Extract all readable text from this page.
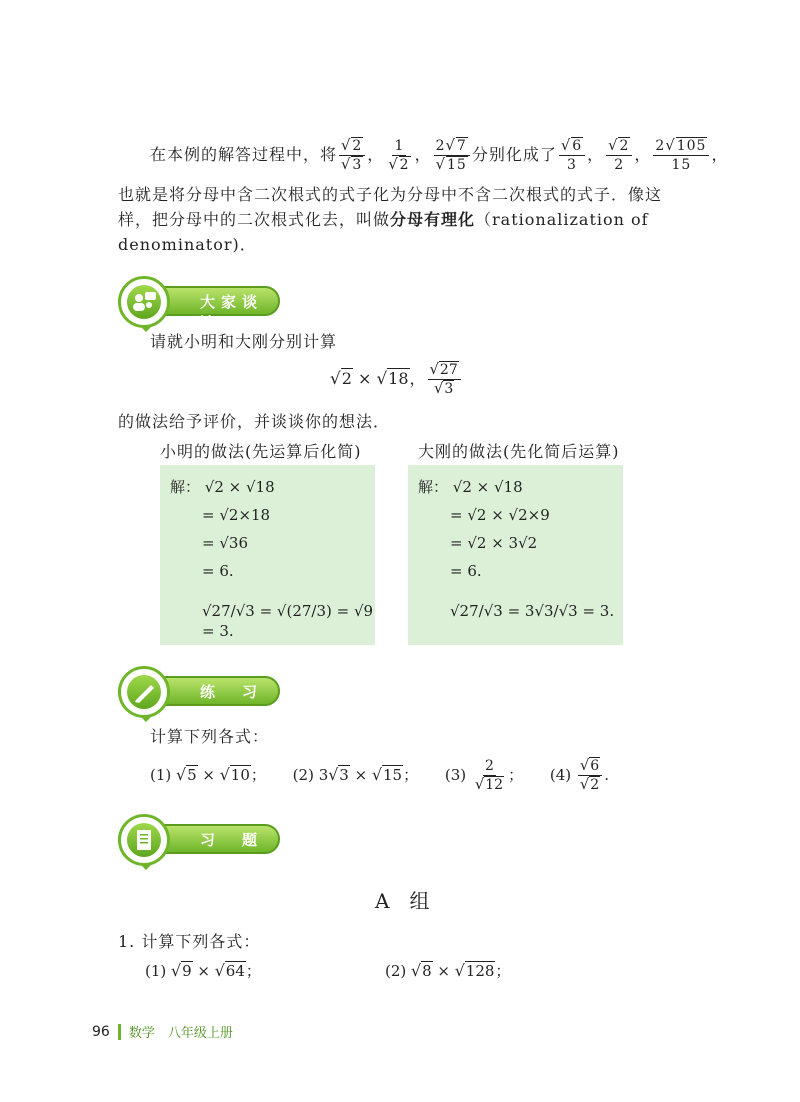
在本例的解答过程中，将 $\frac{√2}{√3}$ ， $\frac{1}{√2}$ ， $\frac{2√7}{√15}$ 分别化成了 $\frac{√6}{3}$ ， $\frac{√2}{2}$ ， $\frac{2√105}{15}$ ，
也就是将分母中含二次根式的式子化为分母中不含二次根式的式子．像这
样，把分母中的二次根式化去，叫做分母有理化（rationalization of
denominator)．
大家谈谈
请就小明和大刚分别计算
√2 × √18， $\frac{√27}{√3}$
的做法给予评价，并谈谈你的想法．
小明的做法(先运算后化简)	大刚的做法(先化简后运算)
解： √2 × √18
= √2×18
= √36
= 6.
√27/√3 = √(27/3) = √9 = 3.
解： √2 × √18
= √2 × √2×9
= √2 × 3√2
= 6.
√27/√3 = 3√3/√3 = 3.
练　习
计算下列各式：
(1) √5 × √10； (2) 3√3 × √15； $(3) \frac{2}{√12}$ ； $(4) \frac{√6}{√2}$ .
习　题
A　组
1. 计算下列各式：
(1) √9 × √64；	(2) √8 × √128；
96 数学　八年级上册
